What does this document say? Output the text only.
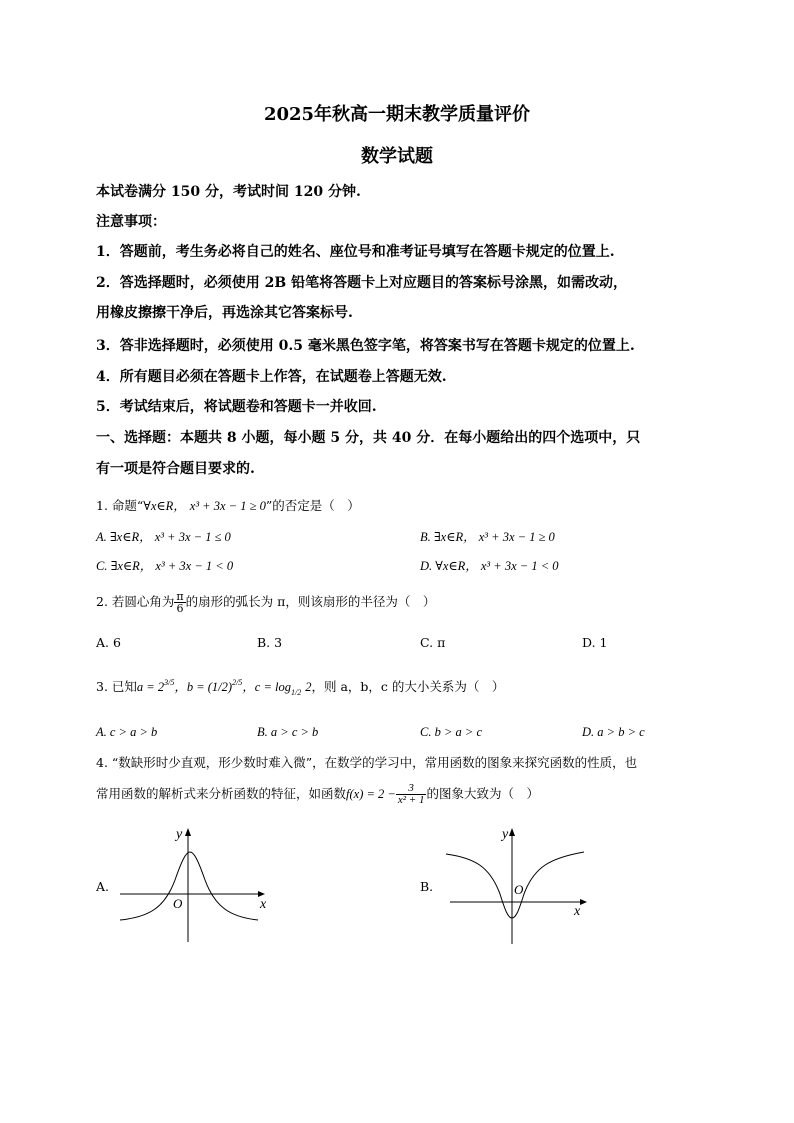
2025年秋高一期末教学质量评价
数学试题
本试卷满分 150 分，考试时间 120 分钟.
注意事项：
1．答题前，考生务必将自己的姓名、座位号和准考证号填写在答题卡规定的位置上.
2．答选择题时，必须使用 2B 铅笔将答题卡上对应题目的答案标号涂黑，如需改动，
用橡皮擦擦干净后，再选涂其它答案标号.
3．答非选择题时，必须使用 0.5 毫米黑色签字笔，将答案书写在答题卡规定的位置上.
4．所有题目必须在答题卡上作答，在试题卷上答题无效.
5．考试结束后，将试题卷和答题卡一并收回.
一、选择题：本题共 8 小题，每小题 5 分，共 40 分．在每小题给出的四个选项中，只
有一项是符合题目要求的.
1. 命题“∀x∈R， x³ + 3x − 1 ≥ 0”的否定是（　）
A. ∃x∈R， x³ + 3x − 1 ≤ 0	B. ∃x∈R， x³ + 3x − 1 ≥ 0
C. ∃x∈R， x³ + 3x − 1 < 0	D. ∀x∈R， x³ + 3x − 1 < 0
2. 若圆心角为 $\frac{\pi}{6}$ 的扇形的弧长为 π，则该扇形的半径为（　）
A. 6	B. 3	C. π	D. 1
3. 已知$a = 2^{3/5}$，$b = (1/2)^{2/5}$，$c = \log_{1/2} 2$，则 a，b，c 的大小关系为（　）
A. c > a > b	B. a > c > b	C. b > a > c	D. a > b > c
4. “数缺形时少直观，形少数时难入微”，在数学的学习中，常用函数的图象来探究函数的性质，也
常用函数的解析式来分析函数的特征，如函数$f(x) = 2 - \frac{3}{\text{x² + 1}}$ 的图象大致为（　）
A.
x
y
O
B.
x
y
O
